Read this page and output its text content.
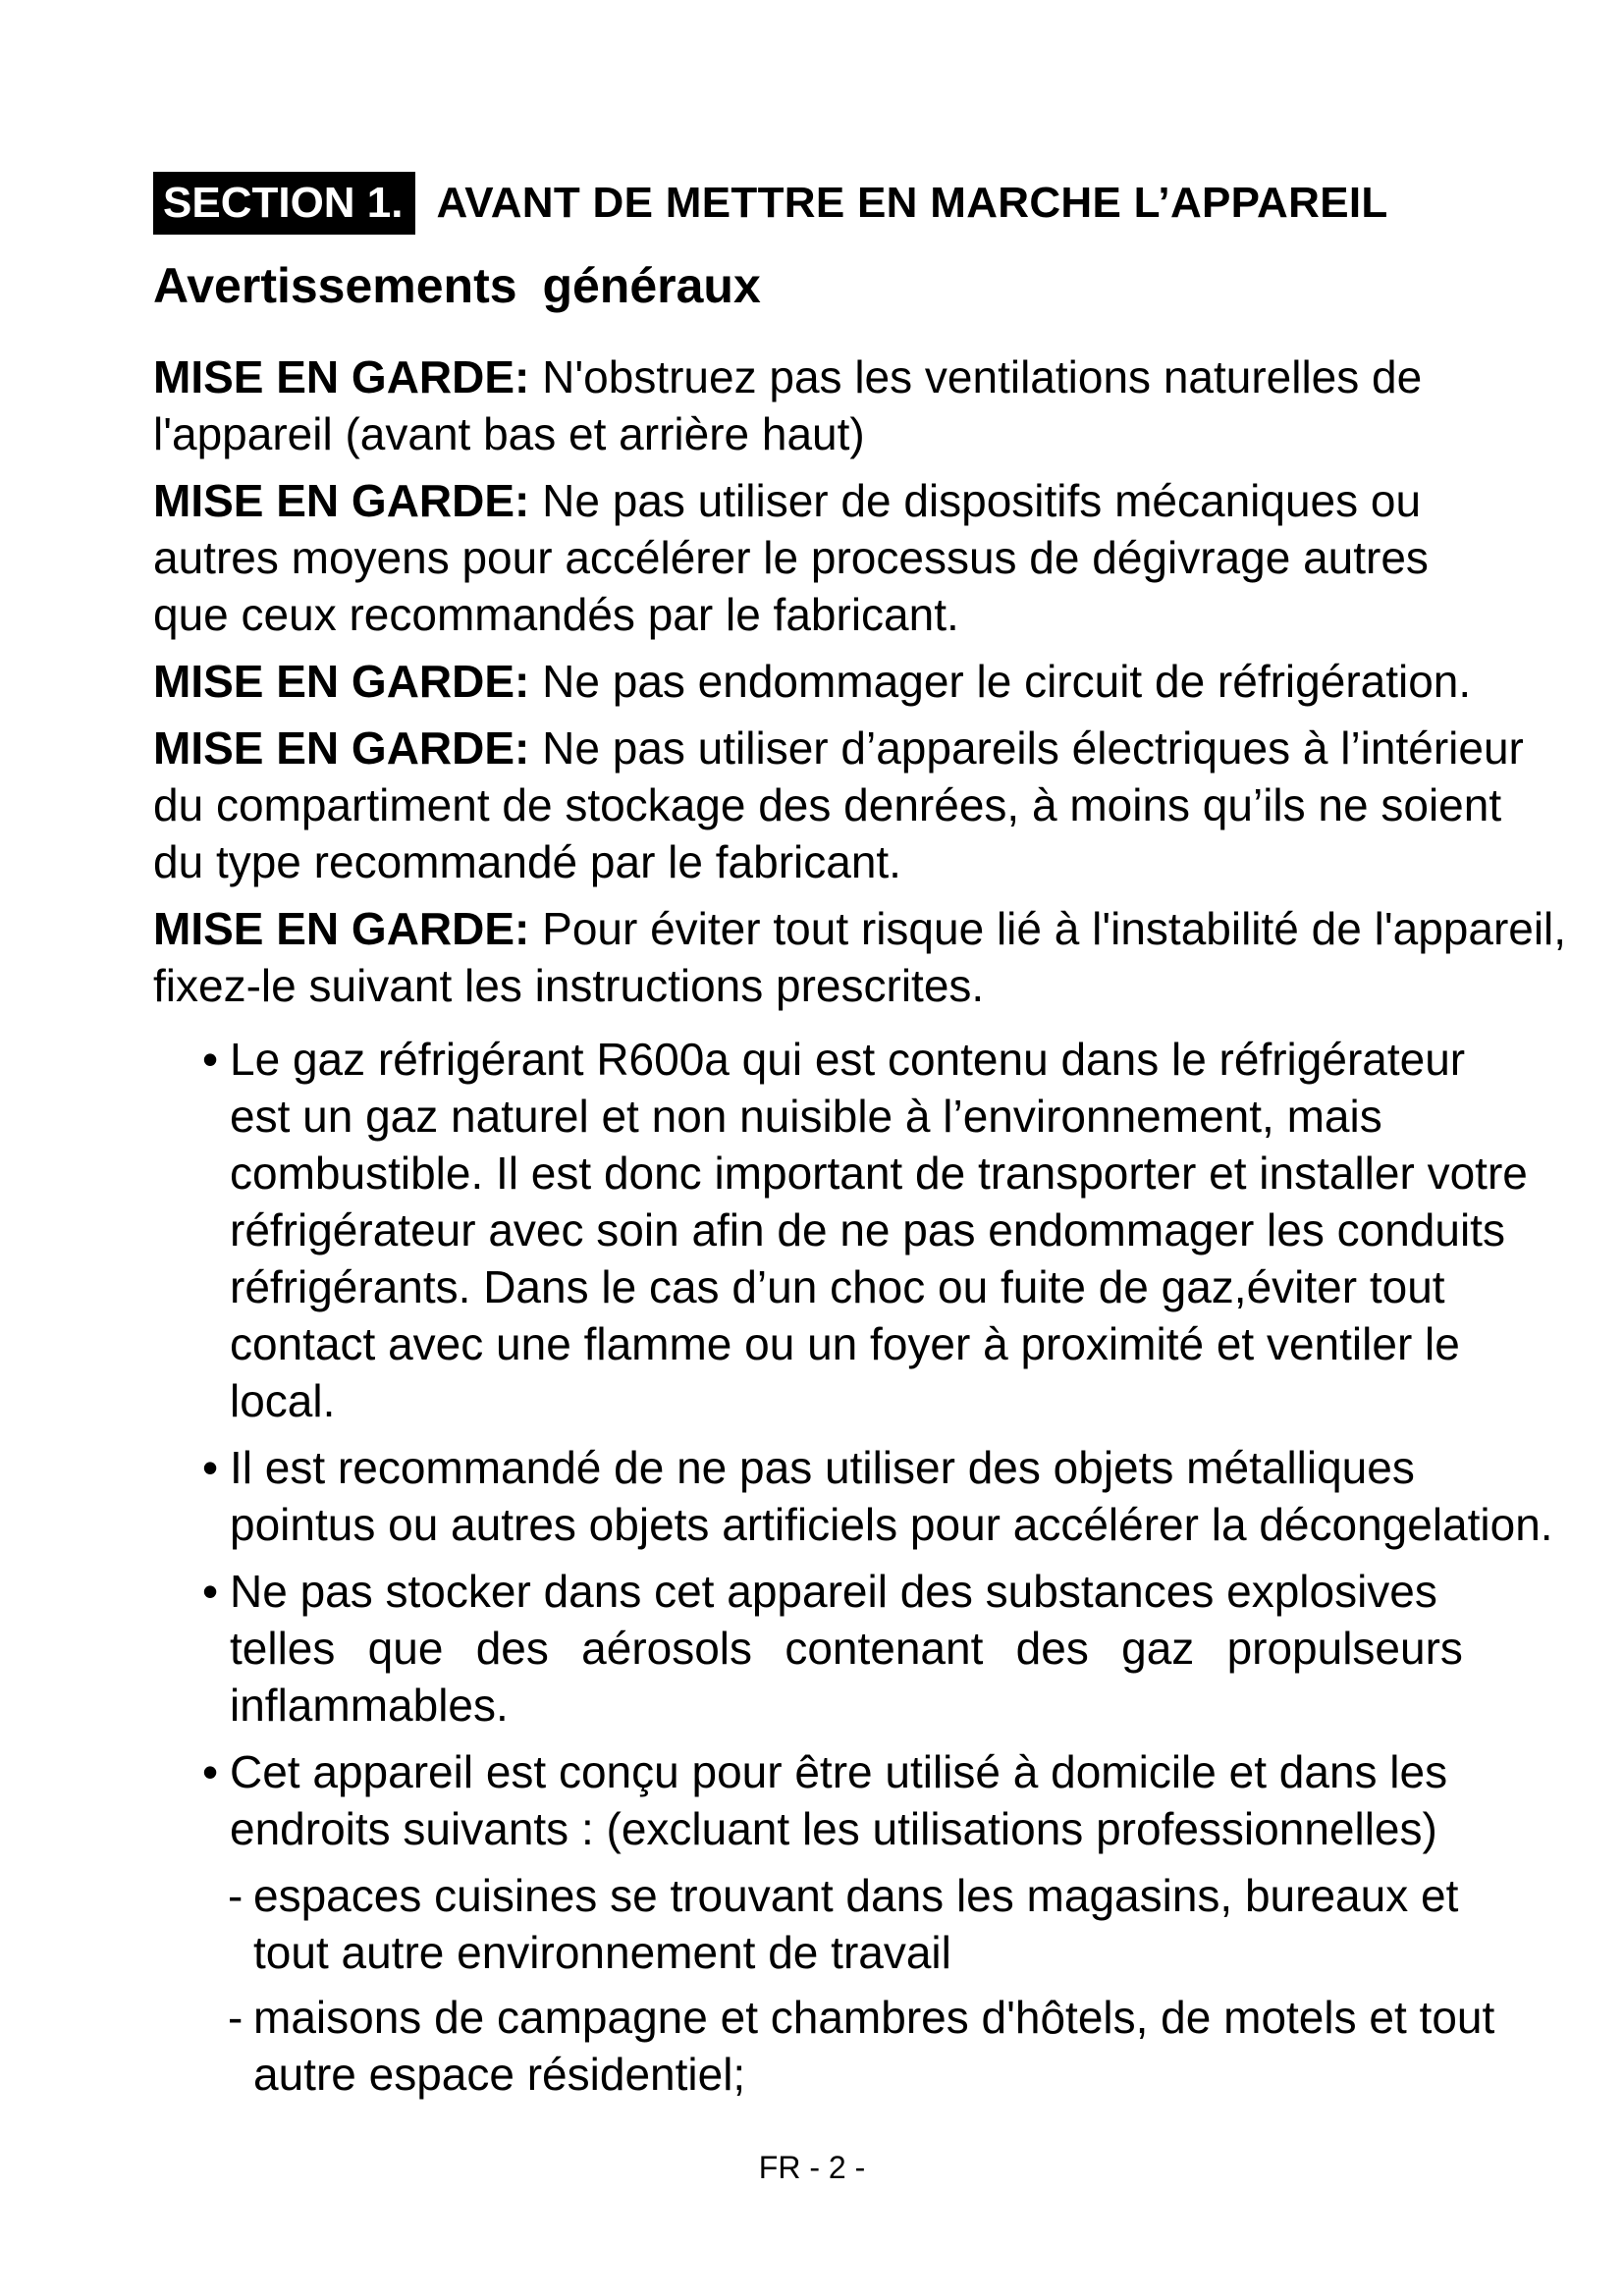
SECTION 1. AVANT DE METTRE EN MARCHE L’APPAREIL
Avertissements généraux

MISE EN GARDE: N'obstruez pas les ventilations naturelles de
l'appareil (avant bas et arrière haut)

MISE EN GARDE: Ne pas utiliser de dispositifs mécaniques ou
autres moyens pour accélérer le processus de dégivrage autres
que ceux recommandés par le fabricant.

MISE EN GARDE: Ne pas endommager le circuit de réfrigération.

MISE EN GARDE: Ne pas utiliser d’appareils électriques à l’intérieur
du compartiment de stockage des denrées, à moins qu’ils ne soient
du type recommandé par le fabricant.

MISE EN GARDE: Pour éviter tout risque lié à l'instabilité de l'appareil,
fixez-le suivant les instructions prescrites.

• Le gaz réfrigérant R600a qui est contenu dans le réfrigérateur
est un gaz naturel et non nuisible à l’environnement, mais
combustible. Il est donc important de transporter et installer votre
réfrigérateur avec soin afin de ne pas endommager les conduits
réfrigérants. Dans le cas d’un choc ou fuite de gaz,éviter tout
contact avec une flamme ou un foyer à proximité et ventiler le
local.
• Il est recommandé de ne pas utiliser des objets métalliques
pointus ou autres objets artificiels pour accélérer la décongelation.
• Ne pas stocker dans cet appareil des substances explosives

telles que des aérosols contenant des gaz propulseurs
inflammables.
• Cet appareil est conçu pour être utilisé à domicile et dans les
endroits suivants : (excluant les utilisations professionnelles)
- espaces cuisines se trouvant dans les magasins, bureaux et
tout autre environnement de travail
- maisons de campagne et chambres d'hôtels, de motels et tout
autre espace résidentiel;
FR - 2 -
